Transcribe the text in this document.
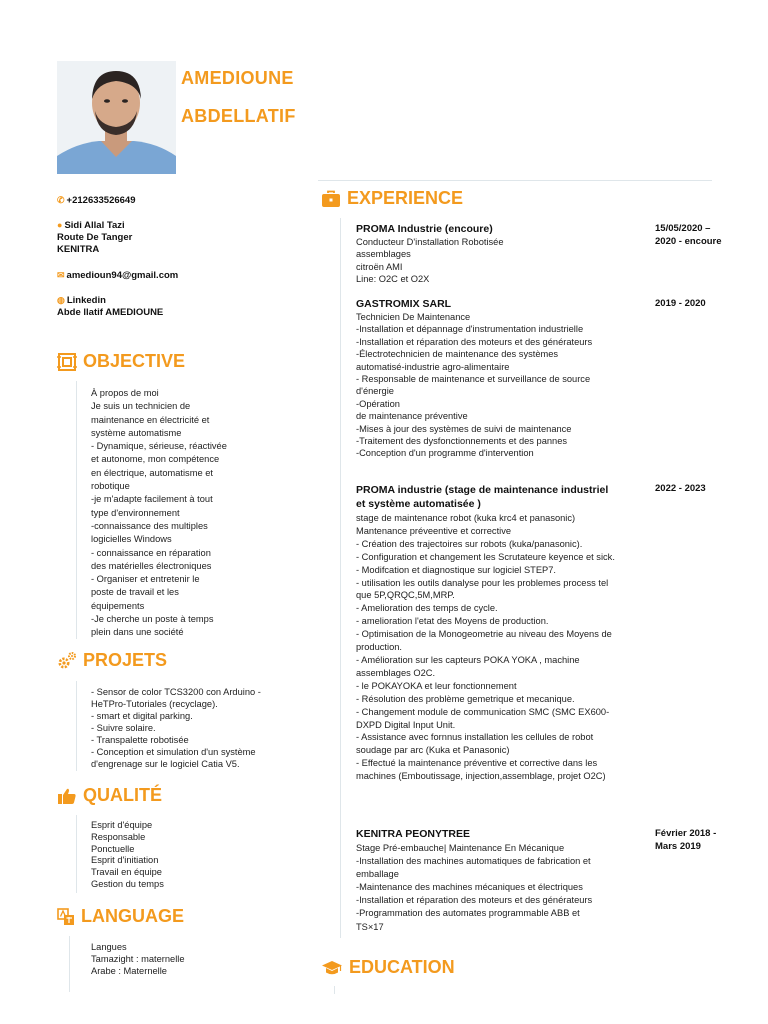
AMEDIOUNE
ABDELLATIF
✆ +212633526649
● Sidi Allal Tazi
Route De Tanger
KENITRA
✉ amedioun94@gmail.com
◍ Linkedin
Abde llatif AMEDIOUNE
OBJECTIVE
À propos de moi
Je suis un technicien de
maintenance en électricité et
système automatisme
- Dynamique, sérieuse, réactivée
et autonome, mon compétence
en électrique, automatisme et
robotique
-je m'adapte facilement à tout
type d'environnement
-connaissance des multiples
logicielles Windows
- connaissance en réparation
des matérielles électroniques
- Organiser et entretenir le
poste de travail et les
équipements
-Je cherche un poste à temps
plein dans une société
PROJETS
- Sensor de color TCS3200 con Arduino -
HeTPro-Tutoriales (recyclage).
- smart et digital parking.
- Suivre solaire.
- Transpalette robotisée
- Conception et simulation d'un système
d'engrenage sur le logiciel Catia V5.
QUALITÉ
Esprit d'équipe
Responsable
Ponctuelle
Esprit d'initiation
Travail en équipe
Gestion du temps
LANGUAGE
Langues
Tamazight : maternelle
Arabe : Maternelle
EXPERIENCE
PROMA Industrie (encoure)
Conducteur D'installation Robotisée
assemblages
citroën AMI
Line: O2C et O2X
15/05/2020 –
2020 - encoure
GASTROMIX SARL
Technicien De Maintenance
-Installation et dépannage d'instrumentation industrielle
-Installation et réparation des moteurs et des générateurs
-Électrotechnicien de maintenance des systèmes
automatisé-industrie agro-alimentaire
- Responsable de maintenance et surveillance de source
d'énergie
-Opération
de maintenance préventive
-Mises à jour des systèmes de suivi de maintenance
-Traitement des dysfonctionnements et des pannes
-Conception d'un programme d'intervention
2019 - 2020
PROMA industrie (stage de maintenance industriel
et système automatisée )
stage de maintenance robot (kuka krc4 et panasonic)
Mantenance préveentive et corrective
- Création des trajectoires sur robots (kuka/panasonic).
- Configuration et changement les Scrutateure keyence et sick.
- Modifcation et diagnostique sur logiciel STEP7.
- utilisation les outils danalyse pour les problemes process tel
que 5P,QRQC,5M,MRP.
- Amelioration des temps de cycle.
- amelioration l'etat des Moyens de production.
- Optimisation de la Monogeometrie au niveau des Moyens de
production.
- Amélioration sur les capteurs POKA YOKA , machine
assemblages O2C.
- le POKAYOKA et leur fonctionnement
- Résolution des problème gemetrique et mecanique.
- Changement module de communication SMC (SMC EX600-
DXPD Digital Input Unit.
- Assistance avec fornnus installation les cellules de robot
soudage par arc (Kuka et Panasonic)
- Effectué la maintenance préventive et corrective dans les
machines (Emboutissage, injection,assemblage, projet O2C)
2022 - 2023
KENITRA PEONYTREE
Stage Pré-embauche| Maintenance En Mécanique
-Installation des machines automatiques de fabrication et
emballage
-Maintenance des machines mécaniques et électriques
-Installation et réparation des moteurs et des générateurs
-Programmation des automates programmable ABB et
TS×17
Février 2018 -
Mars 2019
EDUCATION
